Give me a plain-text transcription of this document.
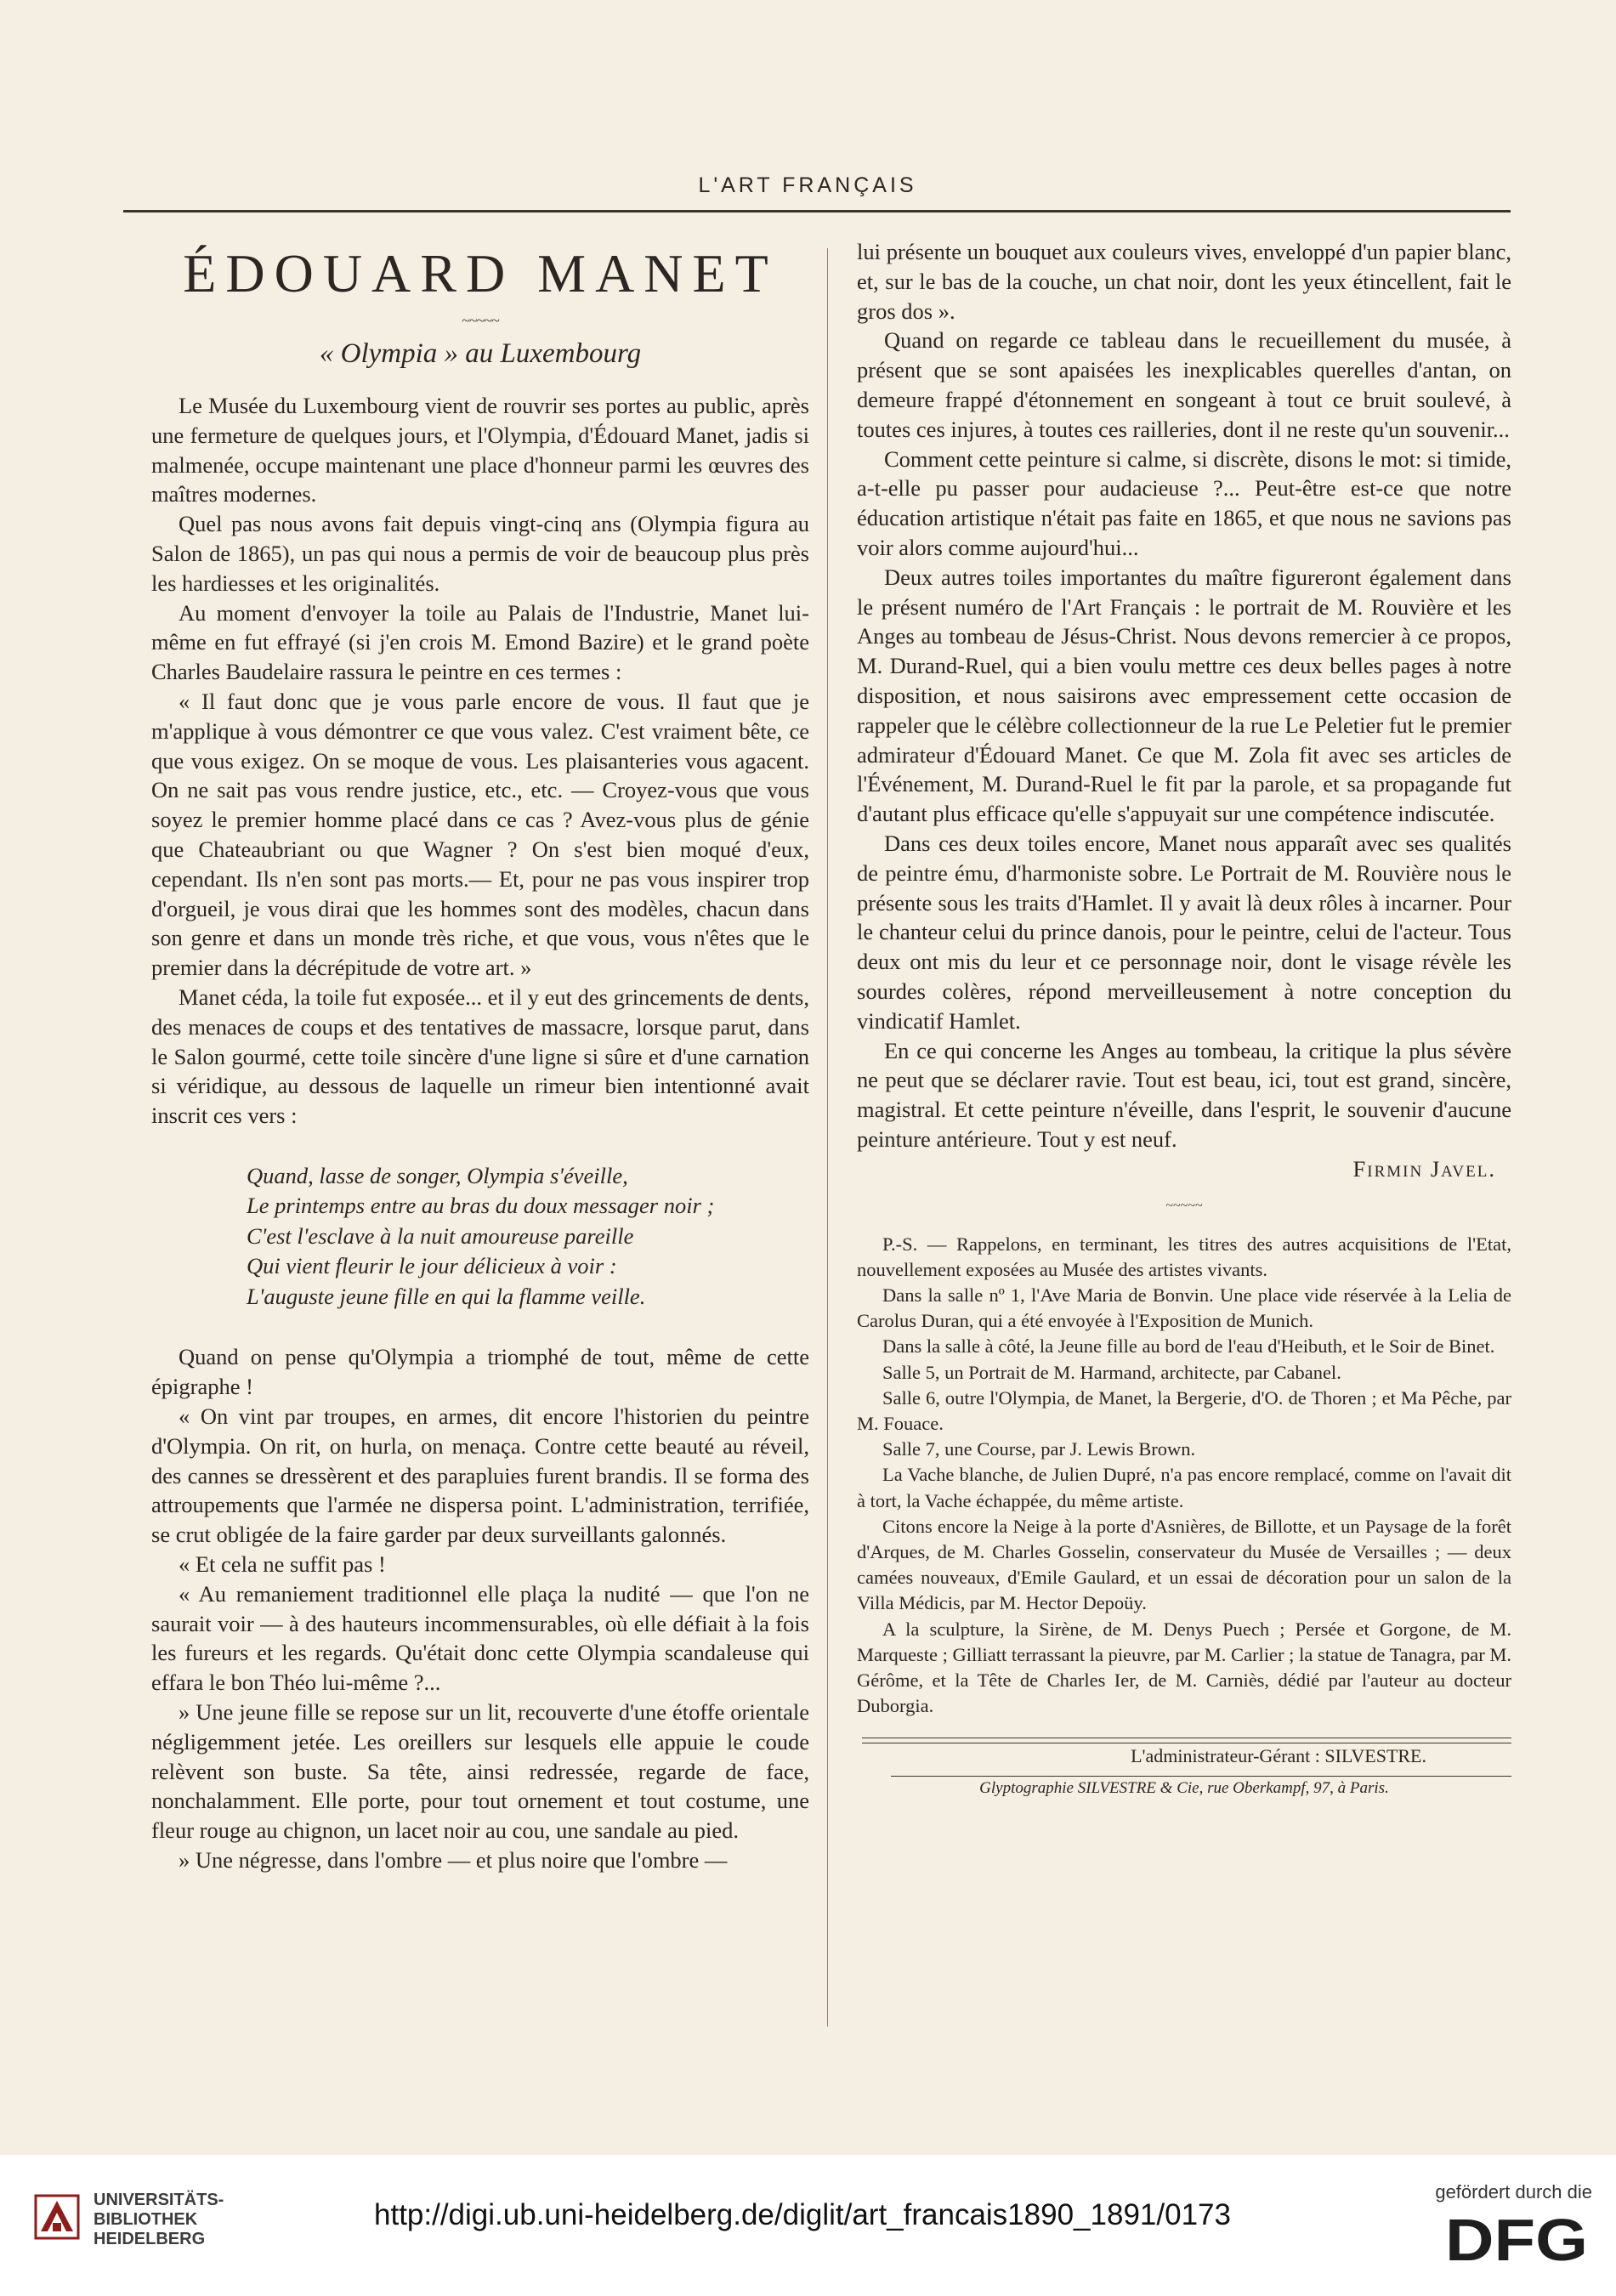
L'ART FRANÇAIS
ÉDOUARD MANET
~~~~~
« Olympia » au Luxembourg

Le Musée du Luxembourg vient de rouvrir ses portes au public, après une fermeture de quelques jours, et l'Olympia, d'Édouard Manet, jadis si malmenée, occupe maintenant une place d'honneur parmi les œuvres des maîtres modernes.

Quel pas nous avons fait depuis vingt-cinq ans (Olympia figura au Salon de 1865), un pas qui nous a permis de voir de beaucoup plus près les hardiesses et les originalités.

Au moment d'envoyer la toile au Palais de l'Industrie, Manet lui-même en fut effrayé (si j'en crois M. Emond Bazire) et le grand poète Charles Baudelaire rassura le peintre en ces termes :

« Il faut donc que je vous parle encore de vous. Il faut que je m'applique à vous démontrer ce que vous valez. C'est vraiment bête, ce que vous exigez. On se moque de vous. Les plaisanteries vous agacent. On ne sait pas vous rendre justice, etc., etc. — Croyez-vous que vous soyez le premier homme placé dans ce cas ? Avez-vous plus de génie que Chateaubriant ou que Wagner ? On s'est bien moqué d'eux, cependant. Ils n'en sont pas morts.— Et, pour ne pas vous inspirer trop d'orgueil, je vous dirai que les hommes sont des modèles, chacun dans son genre et dans un monde très riche, et que vous, vous n'êtes que le premier dans la décrépitude de votre art. »

Manet céda, la toile fut exposée... et il y eut des grincements de dents, des menaces de coups et des tentatives de massacre, lorsque parut, dans le Salon gourmé, cette toile sincère d'une ligne si sûre et d'une carnation si véridique, au dessous de laquelle un rimeur bien intentionné avait inscrit ces vers :

Quand, lasse de songer, Olympia s'éveille,
Le printemps entre au bras du doux messager noir ;
C'est l'esclave à la nuit amoureuse pareille
Qui vient fleurir le jour délicieux à voir :
L'auguste jeune fille en qui la flamme veille.

Quand on pense qu'Olympia a triomphé de tout, même de cette épigraphe !

« On vint par troupes, en armes, dit encore l'historien du peintre d'Olympia. On rit, on hurla, on menaça. Contre cette beauté au réveil, des cannes se dressèrent et des parapluies furent brandis. Il se forma des attroupements que l'armée ne dispersa point. L'administration, terrifiée, se crut obligée de la faire garder par deux surveillants galonnés.

« Et cela ne suffit pas !

« Au remaniement traditionnel elle plaça la nudité — que l'on ne saurait voir — à des hauteurs incommensurables, où elle défiait à la fois les fureurs et les regards. Qu'était donc cette Olympia scandaleuse qui effara le bon Théo lui-même ?...

» Une jeune fille se repose sur un lit, recouverte d'une étoffe orientale négligemment jetée. Les oreillers sur lesquels elle appuie le coude relèvent son buste. Sa tête, ainsi redressée, regarde de face, nonchalamment. Elle porte, pour tout ornement et tout costume, une fleur rouge au chignon, un lacet noir au cou, une sandale au pied.

» Une négresse, dans l'ombre — et plus noire que l'ombre —

lui présente un bouquet aux couleurs vives, enveloppé d'un papier blanc, et, sur le bas de la couche, un chat noir, dont les yeux étincellent, fait le gros dos ».

Quand on regarde ce tableau dans le recueillement du musée, à présent que se sont apaisées les inexplicables querelles d'antan, on demeure frappé d'étonnement en songeant à tout ce bruit soulevé, à toutes ces injures, à toutes ces railleries, dont il ne reste qu'un souvenir...

Comment cette peinture si calme, si discrète, disons le mot: si timide, a-t-elle pu passer pour audacieuse ?... Peut-être est-ce que notre éducation artistique n'était pas faite en 1865, et que nous ne savions pas voir alors comme aujourd'hui...

Deux autres toiles importantes du maître figureront également dans le présent numéro de l'Art Français : le portrait de M. Rouvière et les Anges au tombeau de Jésus-Christ. Nous devons remercier à ce propos, M. Durand-Ruel, qui a bien voulu mettre ces deux belles pages à notre disposition, et nous saisirons avec empressement cette occasion de rappeler que le célèbre collectionneur de la rue Le Peletier fut le premier admirateur d'Édouard Manet. Ce que M. Zola fit avec ses articles de l'Événement, M. Durand-Ruel le fit par la parole, et sa propagande fut d'autant plus efficace qu'elle s'appuyait sur une compétence indiscutée.

Dans ces deux toiles encore, Manet nous apparaît avec ses qualités de peintre ému, d'harmoniste sobre. Le Portrait de M. Rouvière nous le présente sous les traits d'Hamlet. Il y avait là deux rôles à incarner. Pour le chanteur celui du prince danois, pour le peintre, celui de l'acteur. Tous deux ont mis du leur et ce personnage noir, dont le visage révèle les sourdes colères, répond merveilleusement à notre conception du vindicatif Hamlet.

En ce qui concerne les Anges au tombeau, la critique la plus sévère ne peut que se déclarer ravie. Tout est beau, ici, tout est grand, sincère, magistral. Et cette peinture n'éveille, dans l'esprit, le souvenir d'aucune peinture antérieure. Tout y est neuf.

Firmin Javel.

~~~~~

P.-S. — Rappelons, en terminant, les titres des autres acquisitions de l'Etat, nouvellement exposées au Musée des artistes vivants.

Dans la salle nº 1, l'Ave Maria de Bonvin. Une place vide réservée à la Lelia de Carolus Duran, qui a été envoyée à l'Exposition de Munich.

Dans la salle à côté, la Jeune fille au bord de l'eau d'Heibuth, et le Soir de Binet.

Salle 5, un Portrait de M. Harmand, architecte, par Cabanel.

Salle 6, outre l'Olympia, de Manet, la Bergerie, d'O. de Thoren ; et Ma Pêche, par M. Fouace.

Salle 7, une Course, par J. Lewis Brown.

La Vache blanche, de Julien Dupré, n'a pas encore remplacé, comme on l'avait dit à tort, la Vache échappée, du même artiste.

Citons encore la Neige à la porte d'Asnières, de Billotte, et un Paysage de la forêt d'Arques, de M. Charles Gosselin, conservateur du Musée de Versailles ; — deux camées nouveaux, d'Emile Gaulard, et un essai de décoration pour un salon de la Villa Médicis, par M. Hector Depoüy.

A la sculpture, la Sirène, de M. Denys Puech ; Persée et Gorgone, de M. Marqueste ; Gilliatt terrassant la pieuvre, par M. Carlier ; la statue de Tanagra, par M. Gérôme, et la Tête de Charles Ier, de M. Carniès, dédié par l'auteur au docteur Duborgia.

L'administrateur-Gérant : SILVESTRE.

Glyptographie SILVESTRE & Cie, rue Oberkampf, 97, à Paris.

UNIVERSITÄTS-
BIBLIOTHEK
HEIDELBERG
http://digi.ub.uni-heidelberg.de/diglit/art_francais1890_1891/0173
gefördert durch die
DFG
